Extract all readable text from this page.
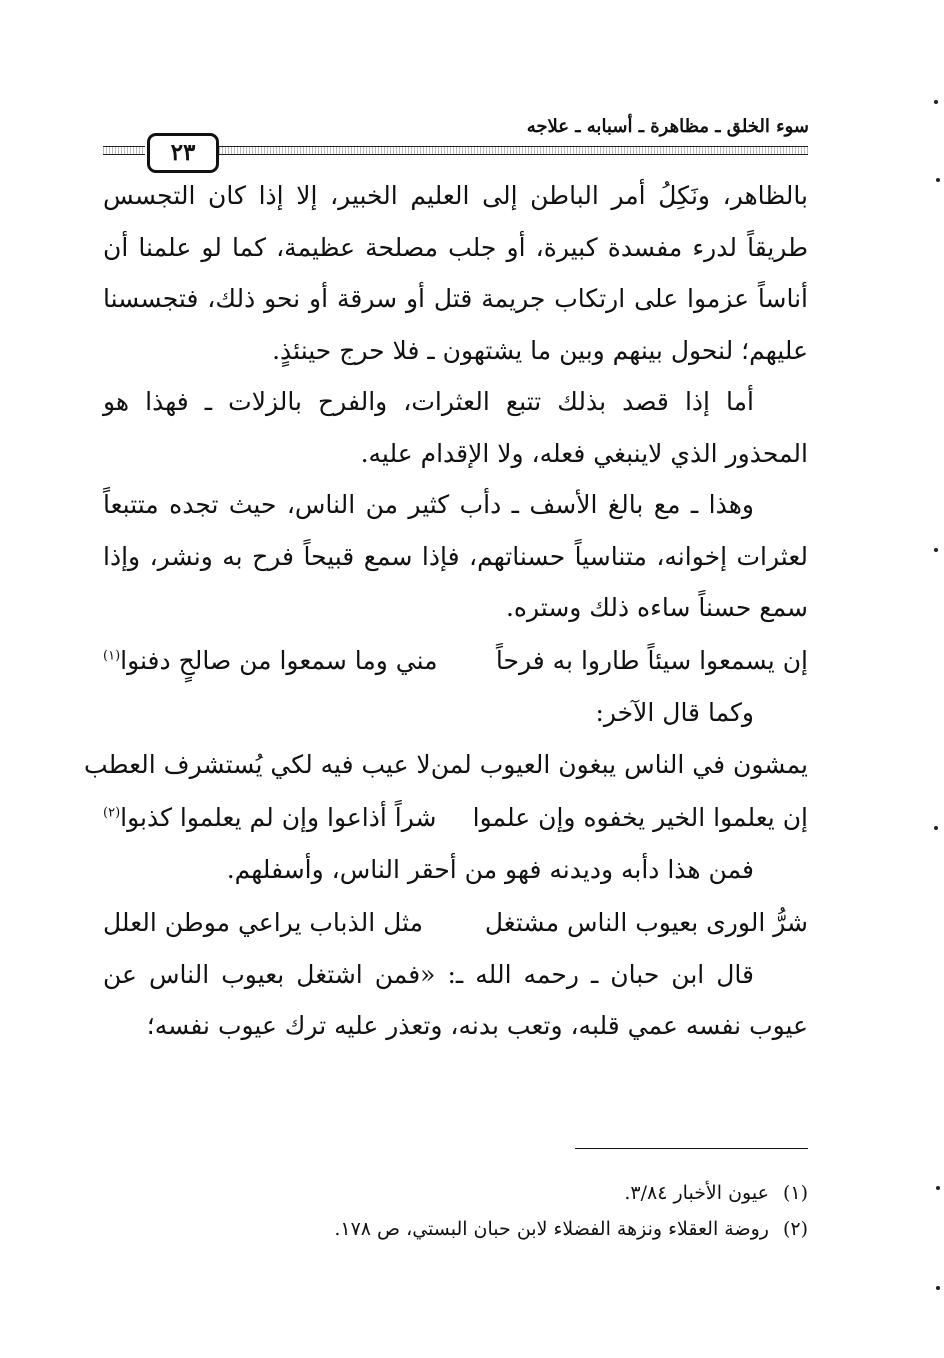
سوء الخلق ـ مظاهرة ـ أسبابه ـ علاجه
٢٣

بالظاهر، ونَكِلُ أمر الباطن إلى العليم الخبير، إلا إذا كان التجسس طريقاً لدرء مفسدة كبيرة، أو جلب مصلحة عظيمة، كما لو علمنا أن أناساً عزموا على ارتكاب جريمة قتل أو سرقة أو نحو ذلك، فتجسسنا عليهم؛ لنحول بينهم وبين ما يشتهون ـ فلا حرج حينئذٍ.

أما إذا قصد بذلك تتبع العثرات، والفرح بالزلات ـ فهذا هو المحذور الذي لاينبغي فعله، ولا الإقدام عليه.

وهذا ـ مع بالغ الأسف ـ دأب كثير من الناس، حيث تجده متتبعاً لعثرات إخوانه، متناسياً حسناتهم، فإذا سمع قبيحاً فرح به ونشر، وإذا سمع حسناً ساءه ذلك وستره.

إن يسمعوا سيئاً طاروا به فرحاً
مني وما سمعوا من صالحٍ دفنوا$^{(١)}$

وكما قال الآخر:

يمشون في الناس يبغون العيوب لمن
لا عيب فيه لكي يُستشرف العطب
إن يعلموا الخير يخفوه وإن علموا
شراً أذاعوا وإن لم يعلموا كذبوا$^{(٢)}$

فمن هذا دأبه وديدنه فهو من أحقر الناس، وأسفلهم.

شرُّ الورى بعيوب الناس مشتغل
مثل الذباب يراعي موطن العلل

قال ابن حبان ـ رحمه الله ـ: «فمن اشتغل بعيوب الناس عن عيوب نفسه عمي قلبه، وتعب بدنه، وتعذر عليه ترك عيوب نفسه؛

(١)عيون الأخبار ٣/٨٤.
(٢)روضة العقلاء ونزهة الفضلاء لابن حبان البستي، ص ١٧٨.
